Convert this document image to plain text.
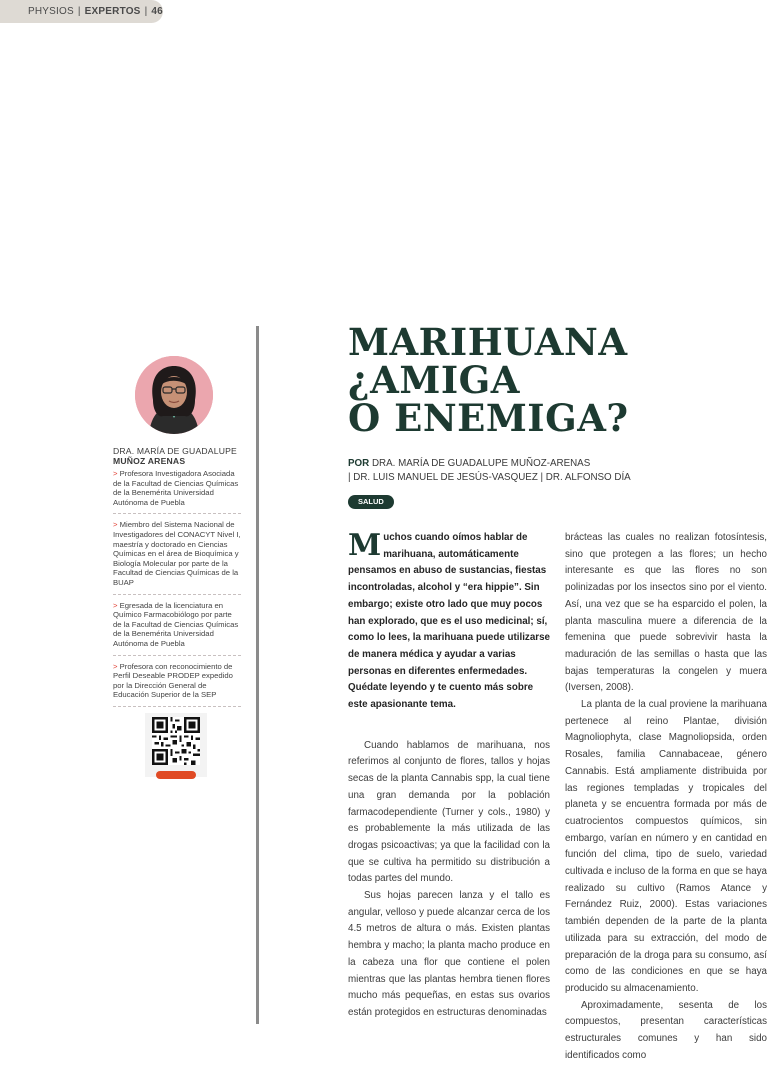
PHYSIOS | EXPERTOS | 46
DRA. MARÍA DE GUADALUPE MUÑOZ ARENAS
> Profesora Investigadora Asociada de la Facultad de Ciencias Químicas de la Benemérita Universidad Autónoma de Puebla
> Miembro del Sistema Nacional de Investigadores del CONACYT Nivel I, maestría y doctorado en Ciencias Químicas en el área de Bioquímica y Biología Molecular por parte de la Facultad de Ciencias Químicas de la BUAP
> Egresada de la licenciatura en Químico Farmacobiólogo por parte de la Facultad de Ciencias Químicas de la Benemérita Universidad Autónoma de Puebla
> Profesora con reconocimiento de Perfil Deseable PRODEP expedido por la Dirección General de Educación Superior de la SEP
MARIHUANA
¿AMIGA
O ENEMIGA?
POR DRA. MARÍA DE GUADALUPE MUÑOZ-ARENAS
| DR. LUIS MANUEL DE JESÚS-VASQUEZ | DR. ALFONSO DÍA
SALUD

Muchos cuando oímos hablar de marihuana, automáticamente pensamos en abuso de sustancias, fiestas incontroladas, alcohol y “era hippie”. Sin embargo; existe otro lado que muy pocos han explorado, que es el uso medicinal; sí, como lo lees, la marihuana puede utilizarse de manera médica y ayudar a varias personas en diferentes enfermedades. Quédate leyendo y te cuento más sobre este apasionante tema.

Cuando hablamos de marihuana, nos referimos al conjunto de flores, tallos y hojas secas de la planta Cannabis spp, la cual tiene una gran demanda por la población farmacodependiente (Turner y cols., 1980) y es probablemente la más utilizada de las drogas psicoactivas; ya que la facilidad con la que se cultiva ha permitido su distribución a todas partes del mundo.

Sus hojas parecen lanza y el tallo es angular, velloso y puede alcanzar cerca de los 4.5 metros de altura o más. Existen plantas hembra y macho; la planta macho produce en la cabeza una flor que contiene el polen mientras que las plantas hembra tienen flores mucho más pequeñas, en estas sus ovarios están protegidos en estructuras denominadas

brácteas las cuales no realizan fotosíntesis, sino que protegen a las flores; un hecho interesante es que las flores no son polinizadas por los insectos sino por el viento. Así, una vez que se ha esparcido el polen, la planta masculina muere a diferencia de la femenina que puede sobrevivir hasta la maduración de las semillas o hasta que las bajas temperaturas la congelen y muera (Iversen, 2008).

La planta de la cual proviene la marihuana pertenece al reino Plantae, división Magnoliophyta, clase Magnoliopsida, orden Rosales, familia Cannabaceae, género Cannabis. Está ampliamente distribuida por las regiones templadas y tropicales del planeta y se encuentra formada por más de cuatrocientos compuestos químicos, sin embargo, varían en número y en cantidad en función del clima, tipo de suelo, variedad cultivada e incluso de la forma en que se haya realizado su cultivo (Ramos Atance y Fernández Ruiz, 2000). Estas variaciones también dependen de la parte de la planta utilizada para su extracción, del modo de preparación de la droga para su consumo, así como de las condiciones en que se haya producido su almacenamiento.

Aproximadamente, sesenta de los compuestos, presentan características estructurales comunes y han sido identificados como
